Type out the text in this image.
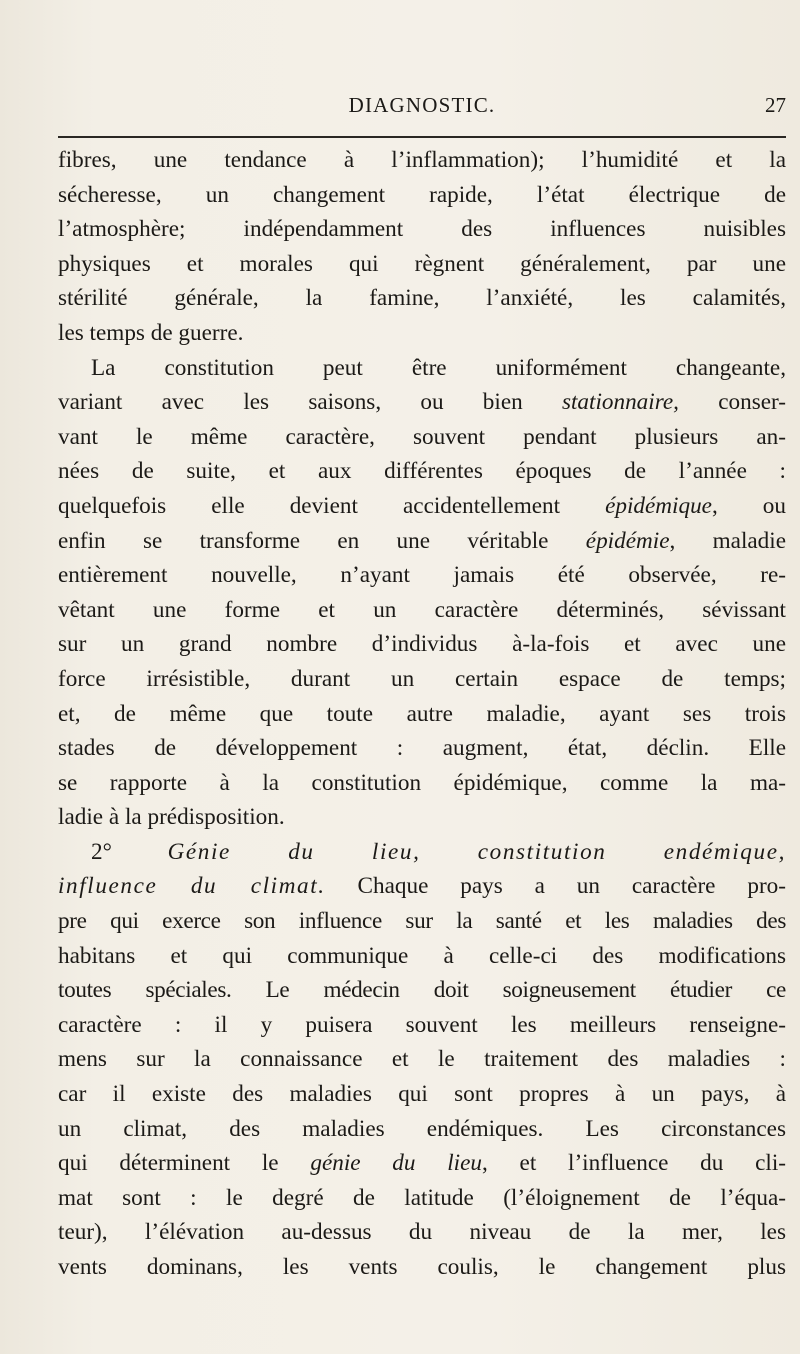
DIAGNOSTIC.	27
fibres, une tendance à l’inflammation); l’humidité et la
sécheresse, un changement rapide, l’état électrique de
l’atmosphère; indépendamment des influences nuisibles
physiques et morales qui règnent généralement, par une
stérilité générale, la famine, l’anxiété, les calamités,
les temps de guerre.
La constitution peut être uniformément changeante,
variant avec les saisons, ou bien stationnaire, conser-
vant le même caractère, souvent pendant plusieurs an-
nées de suite, et aux différentes époques de l’année :
quelquefois elle devient accidentellement épidémique, ou
enfin se transforme en une véritable épidémie, maladie
entièrement nouvelle, n’ayant jamais été observée, re-
vêtant une forme et un caractère déterminés, sévissant
sur un grand nombre d’individus à-la-fois et avec une
force irrésistible, durant un certain espace de temps;
et, de même que toute autre maladie, ayant ses trois
stades de développement : augment, état, déclin. Elle
se rapporte à la constitution épidémique, comme la ma-
ladie à la prédisposition.
2° Génie du lieu, constitution endémique,
influence du climat. Chaque pays a un caractère pro-
pre qui exerce son influence sur la santé et les maladies des
habitans et qui communique à celle-ci des modifications
toutes spéciales. Le médecin doit soigneusement étudier ce
caractère : il y puisera souvent les meilleurs renseigne-
mens sur la connaissance et le traitement des maladies :
car il existe des maladies qui sont propres à un pays, à
un climat, des maladies endémiques. Les circonstances
qui déterminent le génie du lieu, et l’influence du cli-
mat sont : le degré de latitude (l’éloignement de l’équa-
teur), l’élévation au-dessus du niveau de la mer, les
vents dominans, les vents coulis, le changement plus
